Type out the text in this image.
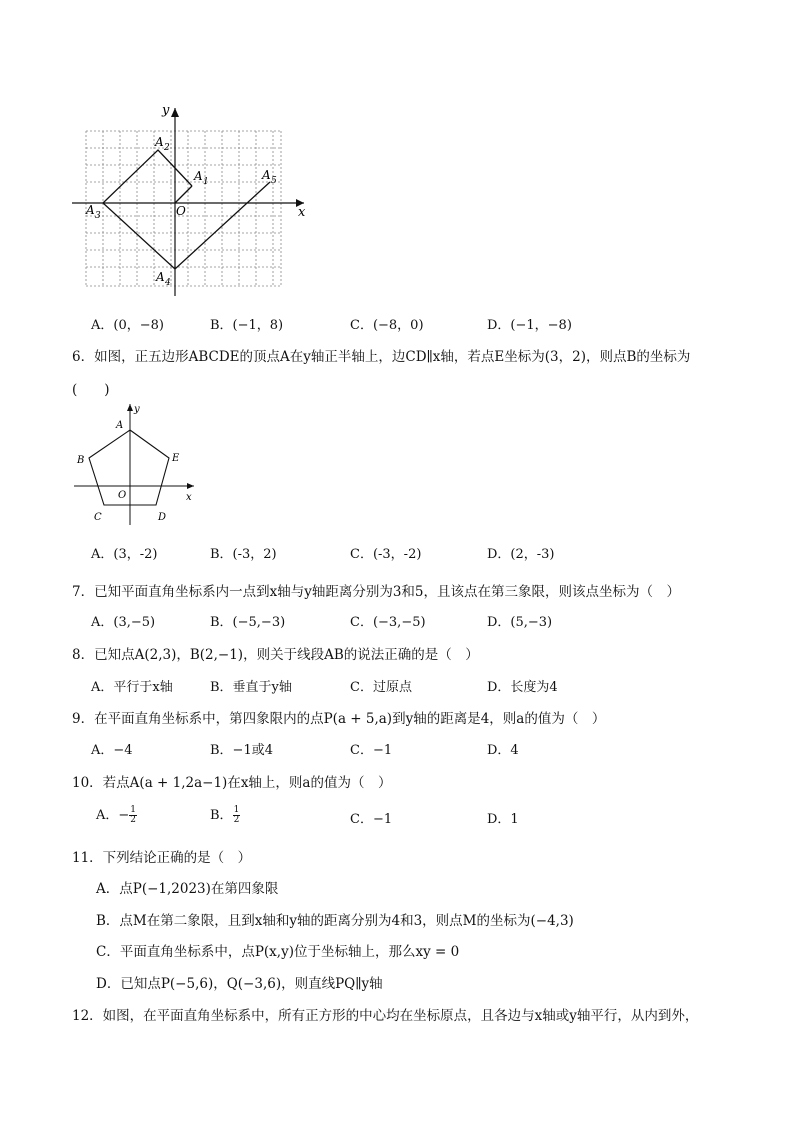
x
y
O
A 2
A 1	A 5
A 3
A 4
A．(0，−8)	B．(−1，8)	C．(−8，0)	D．(−1，−8)
6．如图，正五边形ABCDE的顶点A在y轴正半轴上，边CD∥x轴，若点E坐标为(3，2)，则点B的坐标为
(　　)
x
y
A
B
C	D
E
O
A．(3，-2)	B．(-3，2)	C．(-3，-2)	D．(2，-3)
7．已知平面直角坐标系内一点到x轴与y轴距离分别为3和5，且该点在第三象限，则该点坐标为（　）
A．(3,−5)	B．(−5,−3)	C．(−3,−5)	D．(5,−3)
8．已知点A(2,3)，B(2,−1)，则关于线段AB的说法正确的是（　）
A．平行于x轴	B．垂直于y轴	C．过原点	D．长度为4
9．在平面直角坐标系中，第四象限内的点P(a + 5,a)到y轴的距离是4，则a的值为（　）
A．−4	B．−1或4	C．−1	D．4
10．若点A(a + 1,2a−1)在x轴上，则a的值为（　）
A．− $\frac{1}{2}$	B． $\frac{1}{2}$	C．−1	D．1
11．下列结论正确的是（　）
A．点P(−1,2023)在第四象限
B．点M在第二象限，且到x轴和y轴的距离分别为4和3，则点M的坐标为(−4,3)
C．平面直角坐标系中，点P(x,y)位于坐标轴上，那么xy = 0
D．已知点P(−5,6)，Q(−3,6)，则直线PQ∥y轴
12．如图，在平面直角坐标系中，所有正方形的中心均在坐标原点，且各边与x轴或y轴平行，从内到外，
